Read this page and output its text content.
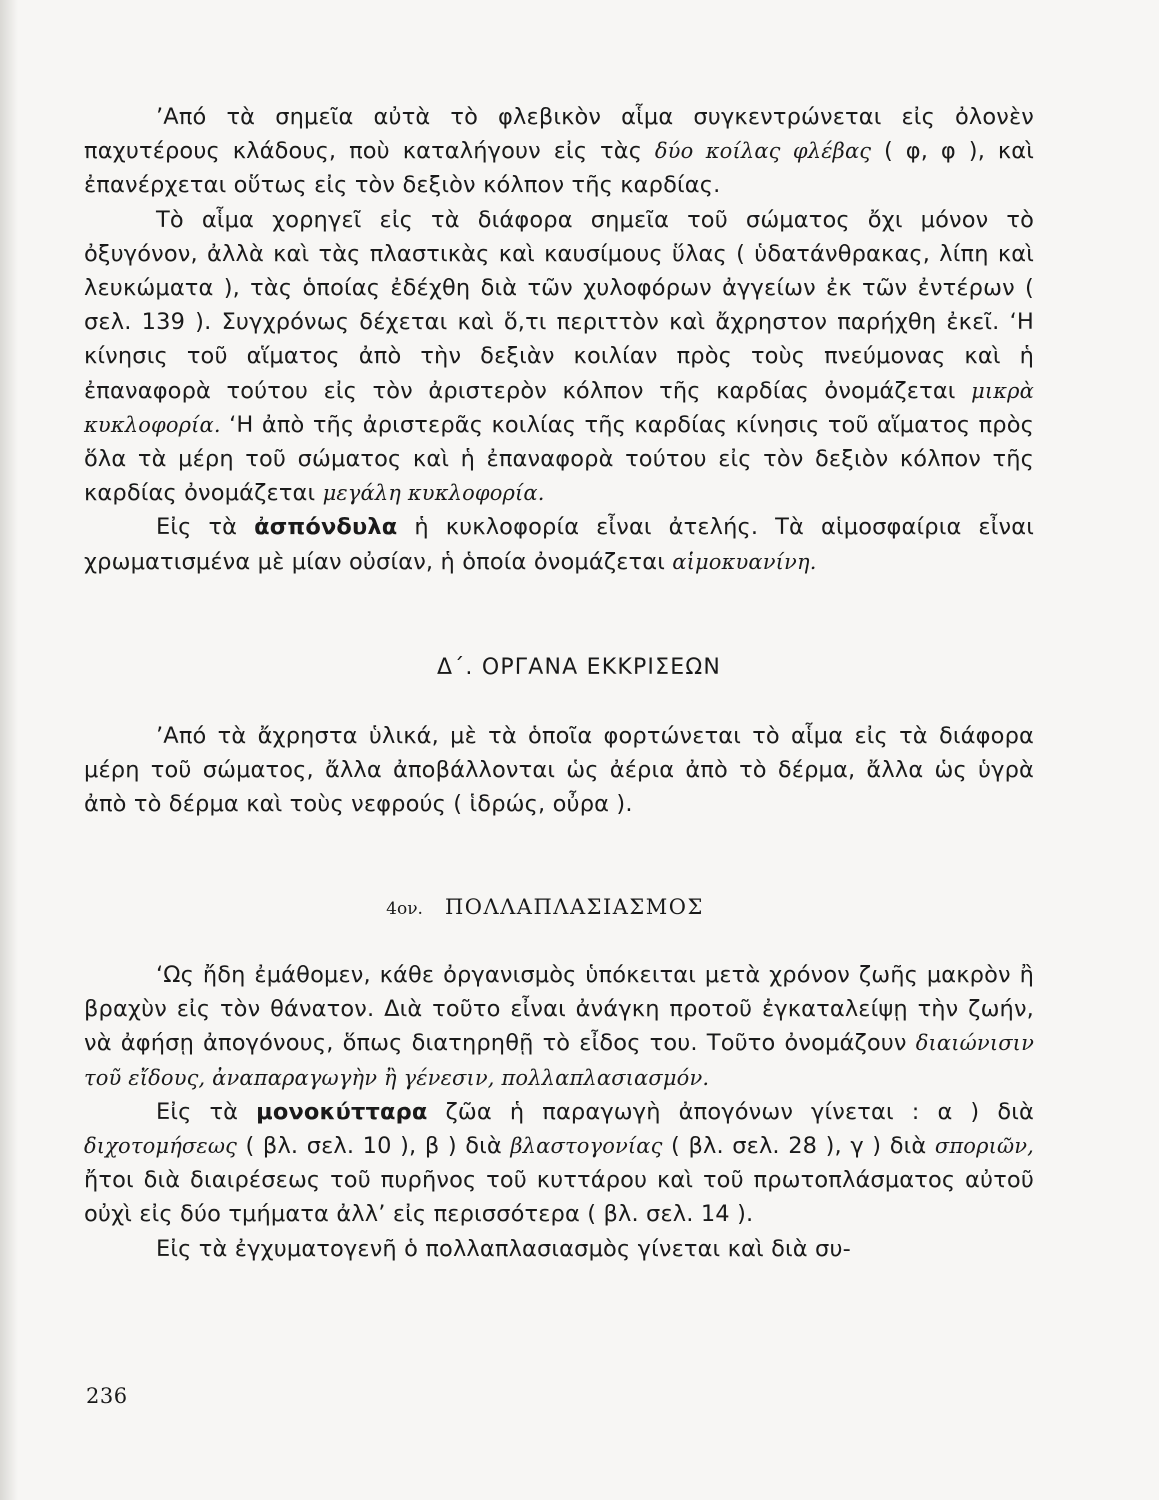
’Από τὰ σημεῖα αὐτὰ τὸ φλεβικὸν αἷμα συγκεντρώνεται εἰς ὀλονὲν παχυτέρους κλάδους, ποὺ καταλήγουν εἰς τὰς δύο κοίλας φλέβας ( φ, φ ), καὶ ἐπανέρχεται οὕτως εἰς τὸν δεξιὸν κόλπον τῆς καρδίας.

Τὸ αἷμα χορηγεῖ εἰς τὰ διάφορα σημεῖα τοῦ σώματος ὄχι μόνον τὸ ὀξυγόνον, ἀλλὰ καὶ τὰς πλαστικὰς καὶ καυσίμους ὕλας ( ὑδατάνθρακας, λίπη καὶ λευκώματα ), τὰς ὁποίας ἐδέχθη διὰ τῶν χυλοφόρων ἀγγείων ἐκ τῶν ἐντέρων ( σελ. 139 ). Συγχρόνως δέχεται καὶ ὅ,τι περιττὸν καὶ ἄχρηστον παρήχθη ἐκεῖ. ‘Η κίνησις τοῦ αἵματος ἀπὸ τὴν δεξιὰν κοιλίαν πρὸς τοὺς πνεύμονας καὶ ἡ ἐπαναφορὰ τούτου εἰς τὸν ἀριστερὸν κόλπον τῆς καρδίας ὀνομάζεται μικρὰ κυκλοφορία. ‘Η ἀπὸ τῆς ἀριστερᾶς κοιλίας τῆς καρδίας κίνησις τοῦ αἵματος πρὸς ὅλα τὰ μέρη τοῦ σώματος καὶ ἡ ἐπαναφορὰ τούτου εἰς τὸν δεξιὸν κόλπον τῆς καρδίας ὀνομάζεται μεγάλη κυκλοφορία.

Εἰς τὰ ἀσπόνδυλα ἡ κυκλοφορία εἶναι ἀτελής. Τὰ αἱμοσφαίρια εἶναι χρωματισμένα μὲ μίαν οὐσίαν, ἡ ὁποία ὀνομάζεται αἱμοκυανίνη.

Δ΄. ΟΡΓΑΝΑ ΕΚΚΡΙΣΕΩΝ

’Από τὰ ἄχρηστα ὑλικά, μὲ τὰ ὁποῖα φορτώνεται τὸ αἷμα εἰς τὰ διάφορα μέρη τοῦ σώματος, ἄλλα ἀποβάλλονται ὡς ἀέρια ἀπὸ τὸ δέρμα, ἄλλα ὡς ὑγρὰ ἀπὸ τὸ δέρμα καὶ τοὺς νεφρούς ( ἱδρώς, οὖρα ).

4ον. ΠΟΛΛΑΠΛΑΣΙΑΣΜΟΣ

‘Ως ἤδη ἐμάθομεν, κάθε ὀργανισμὸς ὑπόκειται μετὰ χρόνον ζωῆς μακρὸν ἢ βραχὺν εἰς τὸν θάνατον. Διὰ τοῦτο εἶναι ἀνάγκη προτοῦ ἐγκαταλείψῃ τὴν ζωήν, νὰ ἀφήσῃ ἀπογόνους, ὅπως διατηρηθῇ τὸ εἶδος του. Τοῦτο ὀνομάζουν διαιώνισιν τοῦ εἴδους, ἀναπαραγωγὴν ἢ γένεσιν, πολλαπλασιασμόν.

Εἰς τὰ μονοκύτταρα ζῶα ἡ παραγωγὴ ἀπογόνων γίνεται : α ) διὰ διχοτομήσεως ( βλ. σελ. 10 ), β ) διὰ βλαστογονίας ( βλ. σελ. 28 ), γ ) διὰ σποριῶν, ἤτοι διὰ διαιρέσεως τοῦ πυρῆνος τοῦ κυττάρου καὶ τοῦ πρωτοπλάσματος αὐτοῦ οὐχὶ εἰς δύο τμήματα ἀλλ’ εἰς περισσότερα ( βλ. σελ. 14 ).

Εἰς τὰ ἐγχυματογενῆ ὁ πολλαπλασιασμὸς γίνεται καὶ διὰ συ-

236
